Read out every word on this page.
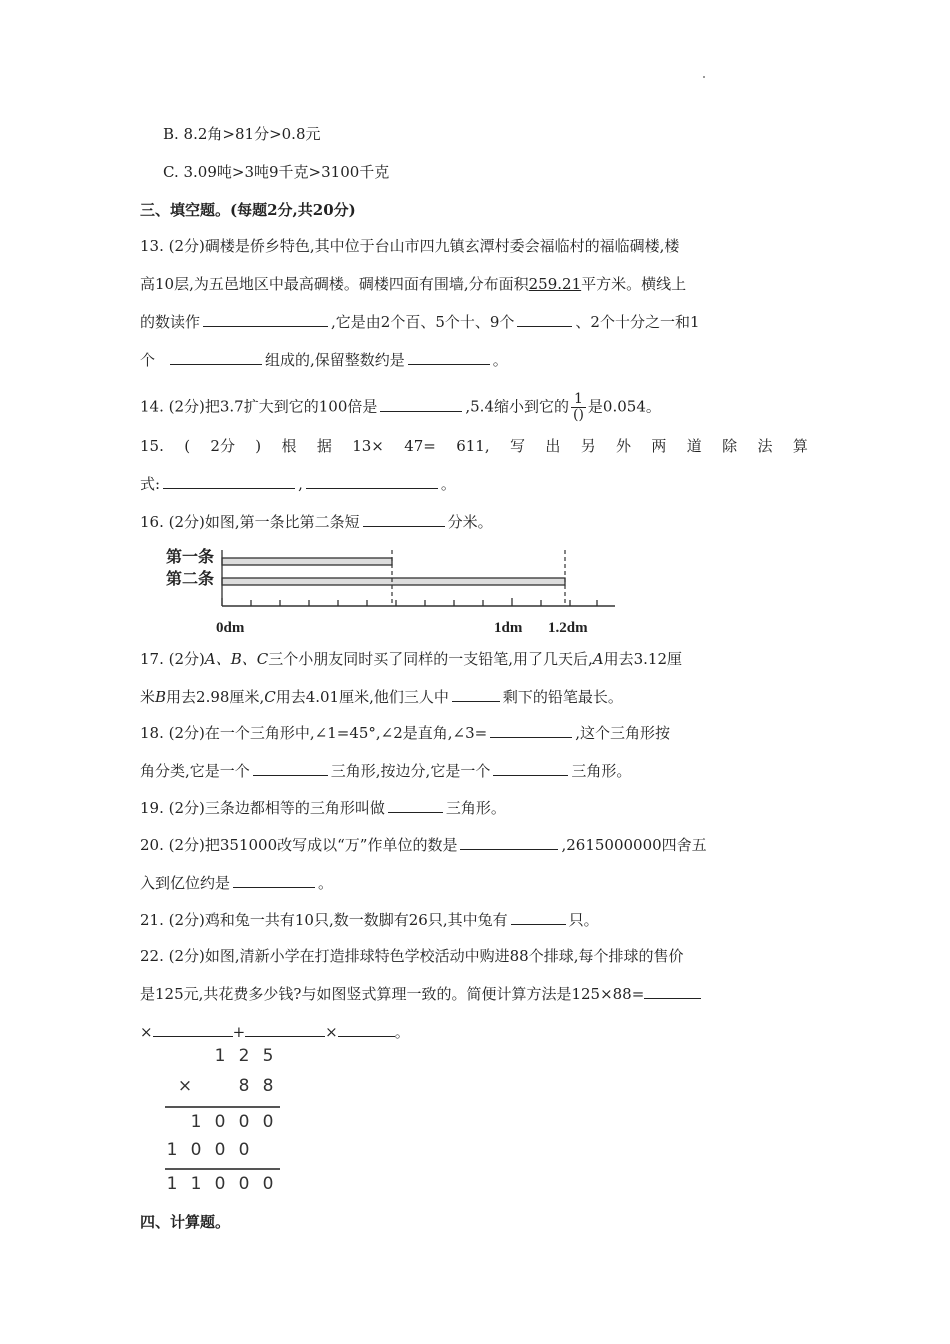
B. 8.2角>81分>0.8元
C. 3.09吨>3吨9千克>3100千克
三、填空题。(每题2分,共20分)
13. (2分)碉楼是侨乡特色,其中位于台山市四九镇玄潭村委会福临村的福临碉楼,楼
高10层,为五邑地区中最高碉楼。碉楼四面有围墙,分布面积259.21平方米。横线上
的数读作	,它是由2个百、5个十、9个	、2个十分之一和1
个	组成的,保留整数约是	。
14. (2分)把3.7扩大到它的100倍是	,5.4缩小到它的 $\frac{1}{()}$ 是0.054。
15. ( 2分 ) 根 据 13× 47= 611, 写 出 另 外 两 道 除 法 算
式:	,	。
16. (2分)如图,第一条比第二条短	分米。
第一条
第二条
0dm	1dm 1.2dm
17. (2分)A、B、C三个小朋友同时买了同样的一支铅笔,用了几天后,A用去3.12厘
米B用去2.98厘米,C用去4.01厘米,他们三人中	剩下的铅笔最长。
18. (2分)在一个三角形中,∠1=45°,∠2是直角,∠3=	,这个三角形按
角分类,它是一个	三角形,按边分,它是一个	三角形。
19. (2分)三条边都相等的三角形叫做	三角形。
20. (2分)把351000改写成以“万”作单位的数是	,2615000000四舍五
入到亿位约是	。
21. (2分)鸡和兔一共有10只,数一数脚有26只,其中兔有	只。
22. (2分)如图,清新小学在打造排球特色学校活动中购进88个排球,每个排球的售价
是125元,共花费多少钱?与如图竖式算理一致的。简便计算方法是125×88=
×	+	×	。
1 2 5
×	8 8
1 0 0 0
1 0 0 0
1 1 0 0 0
四、计算题。
